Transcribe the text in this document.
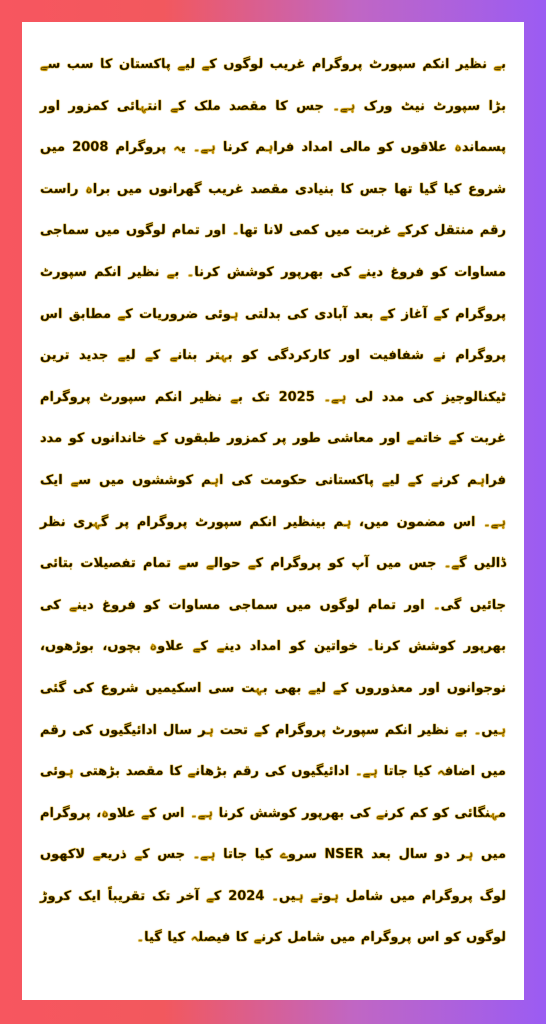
بے نظیر انکم سپورٹ پروگرام غریب لوگوں کے لیے پاکستان کا سب سے بڑا سپورٹ نیٹ ورک ہے۔ جس کا مقصد ملک کے انتہائی کمزور اور پسماندہ علاقوں کو مالی امداد فراہم کرنا ہے۔ یہ پروگرام 2008 میں شروع کیا گیا تھا جس کا بنیادی مقصد غریب گھرانوں میں براہ راست رقم منتقل کرکے غربت میں کمی لانا تھا۔ اور تمام لوگوں میں سماجی مساوات کو فروغ دینے کی بھرپور کوشش کرنا۔ بے نظیر انکم سپورٹ پروگرام کے آغاز کے بعد آبادی کی بدلتی ہوئی ضروریات کے مطابق اس پروگرام نے شفافیت اور کارکردگی کو بہتر بنانے کے لیے جدید ترین ٹیکنالوجیز کی مدد لی ہے۔ 2025 تک بے نظیر انکم سپورٹ پروگرام غربت کے خاتمے اور معاشی طور پر کمزور طبقوں کے خاندانوں کو مدد فراہم کرنے کے لیے پاکستانی حکومت کی اہم کوششوں میں سے ایک ہے۔ اس مضمون میں، ہم بینظیر انکم سپورٹ پروگرام پر گہری نظر ڈالیں گے۔ جس میں آپ کو پروگرام کے حوالے سے تمام تفصیلات بتائی جائیں گی۔ اور تمام لوگوں میں سماجی مساوات کو فروغ دینے کی بھرپور کوشش کرنا۔ خواتین کو امداد دینے کے علاوہ بچوں، بوڑھوں، نوجوانوں اور معذوروں کے لیے بھی بہت سی اسکیمیں شروع کی گئی ہیں۔ بے نظیر انکم سپورٹ پروگرام کے تحت ہر سال ادائیگیوں کی رقم میں اضافہ کیا جاتا ہے۔ ادائیگیوں کی رقم بڑھانے کا مقصد بڑھتی ہوئی مہنگائی کو کم کرنے کی بھرپور کوشش کرنا ہے۔ اس کے علاوہ، پروگرام میں ہر دو سال بعد NSER سروے کیا جاتا ہے۔ جس کے ذریعے لاکھوں لوگ پروگرام میں شامل ہوتے ہیں۔ 2024 کے آخر تک تقریباً ایک کروڑ لوگوں کو اس پروگرام میں شامل کرنے کا فیصلہ کیا گیا۔
